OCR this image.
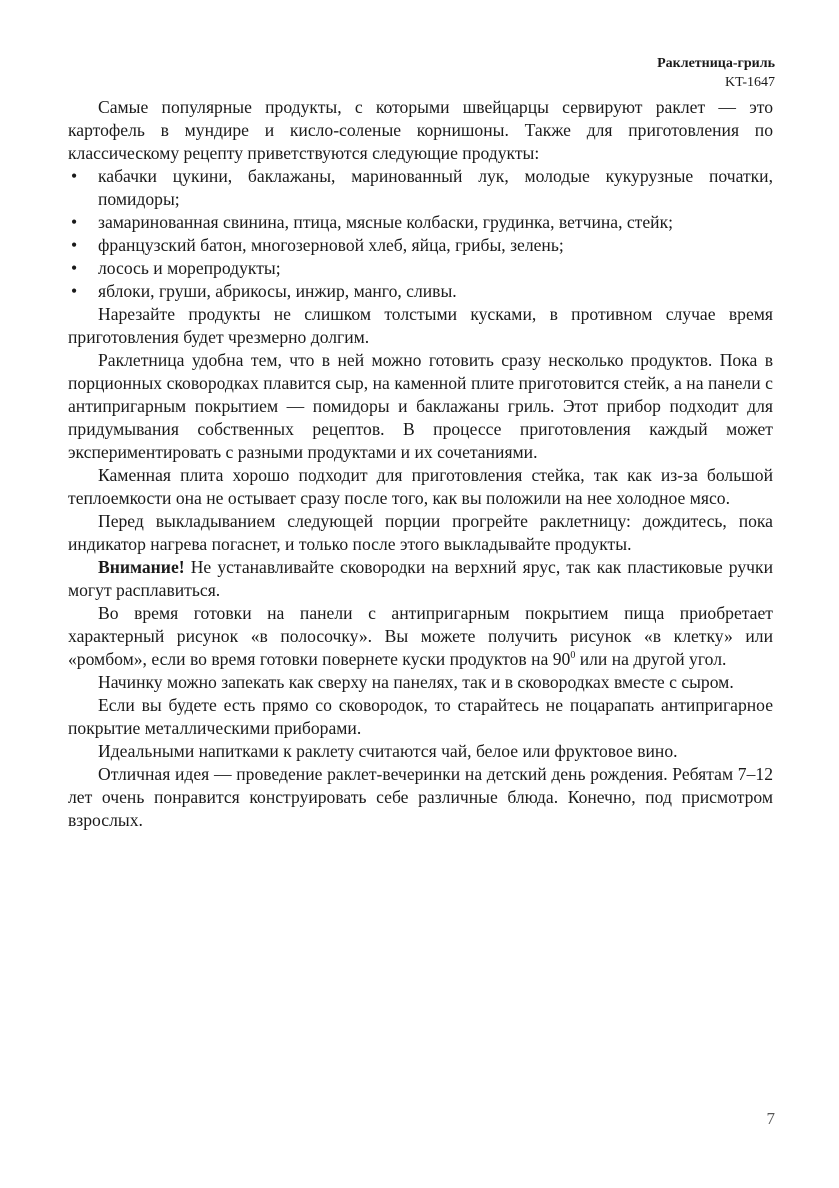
Раклетница-гриль
KT-1647

Самые популярные продукты, с которыми швейцарцы сервируют раклет — это картофель в мундире и кисло-соленые корнишоны. Также для приготовления по классическому рецепту приветствуются следующие продукты:

• кабачки цукини, баклажаны, маринованный лук, молодые кукурузные початки, помидоры;
• замаринованная свинина, птица, мясные колбаски, грудинка, ветчина, стейк;
• французский батон, многозерновой хлеб, яйца, грибы, зелень;
• лосось и морепродукты;
• яблоки, груши, абрикосы, инжир, манго, сливы.

Нарезайте продукты не слишком толстыми кусками, в противном случае время приготовления будет чрезмерно долгим.

Раклетница удобна тем, что в ней можно готовить сразу несколько продуктов. Пока в порционных сковородках плавится сыр, на каменной плите приготовится стейк, а на панели с антипригарным покрытием — помидоры и баклажаны гриль. Этот прибор подходит для придумывания собственных рецептов. В процессе приготовления каждый может экспериментировать с разными продуктами и их сочетаниями.

Каменная плита хорошо подходит для приготовления стейка, так как из-за большой теплоемкости она не остывает сразу после того, как вы положили на нее холодное мясо.

Перед выкладыванием следующей порции прогрейте раклетницу: дождитесь, пока индикатор нагрева погаснет, и только после этого выкладывайте продукты.

Внимание! Не устанавливайте сковородки на верхний ярус, так как пластиковые ручки могут расплавиться.

Во время готовки на панели с антипригарным покрытием пища приобретает характерный рисунок «в полосочку». Вы можете получить рисунок «в клетку» или «ромбом», если во время готовки повернете куски продуктов на $90^0$ или на другой угол.

Начинку можно запекать как сверху на панелях, так и в сковородках вместе с сыром.

Если вы будете есть прямо со сковородок, то старайтесь не поцарапать антипригарное покрытие металлическими приборами.

Идеальными напитками к раклету считаются чай, белое или фруктовое вино.

Отличная идея — проведение раклет-вечеринки на детский день рождения. Ребятам 7–12 лет очень понравится конструировать себе различные блюда. Конечно, под присмотром взрослых.

7
